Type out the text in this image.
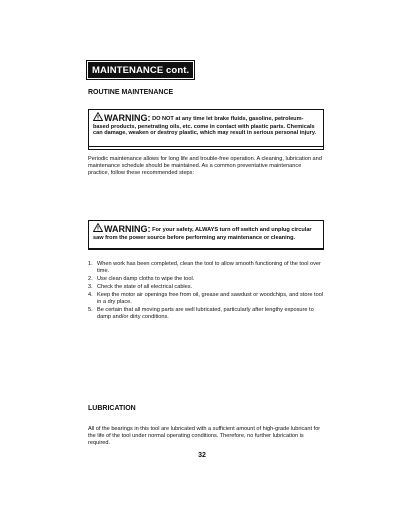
MAINTENANCE cont.
ROUTINE MAINTENANCE
WARNING: DO NOT at any time let brake fluids, gasoline, petroleum-based products, penetrating oils, etc. come in contact with plastic parts. Chemicals can damage, weaken or destroy plastic, which may result in serious personal injury.
Periodic maintenance allows for long life and trouble-free operation. A cleaning, lubrication and maintenance schedule should be maintained. As a common preventative maintenance practice, follow these recommended steps:
WARNING: For your safety, ALWAYS turn off switch and unplug circular saw from the power source before performing any maintenance or cleaning.
1. When work has been completed, clean the tool to allow smooth functioning of the tool over time.
2. Use clean damp cloths to wipe the tool.
3. Check the state of all electrical cables.
4. Keep the motor air openings free from oil, grease and sawdust or woodchips, and store tool in a dry place.
5. Be certain that all moving parts are well lubricated, particularly after lengthy exposure to damp and/or dirty conditions.
LUBRICATION
All of the bearings in this tool are lubricated with a sufficient amount of high-grade lubricant for the life of the tool under normal operating conditions. Therefore, no further lubrication is required.
32
